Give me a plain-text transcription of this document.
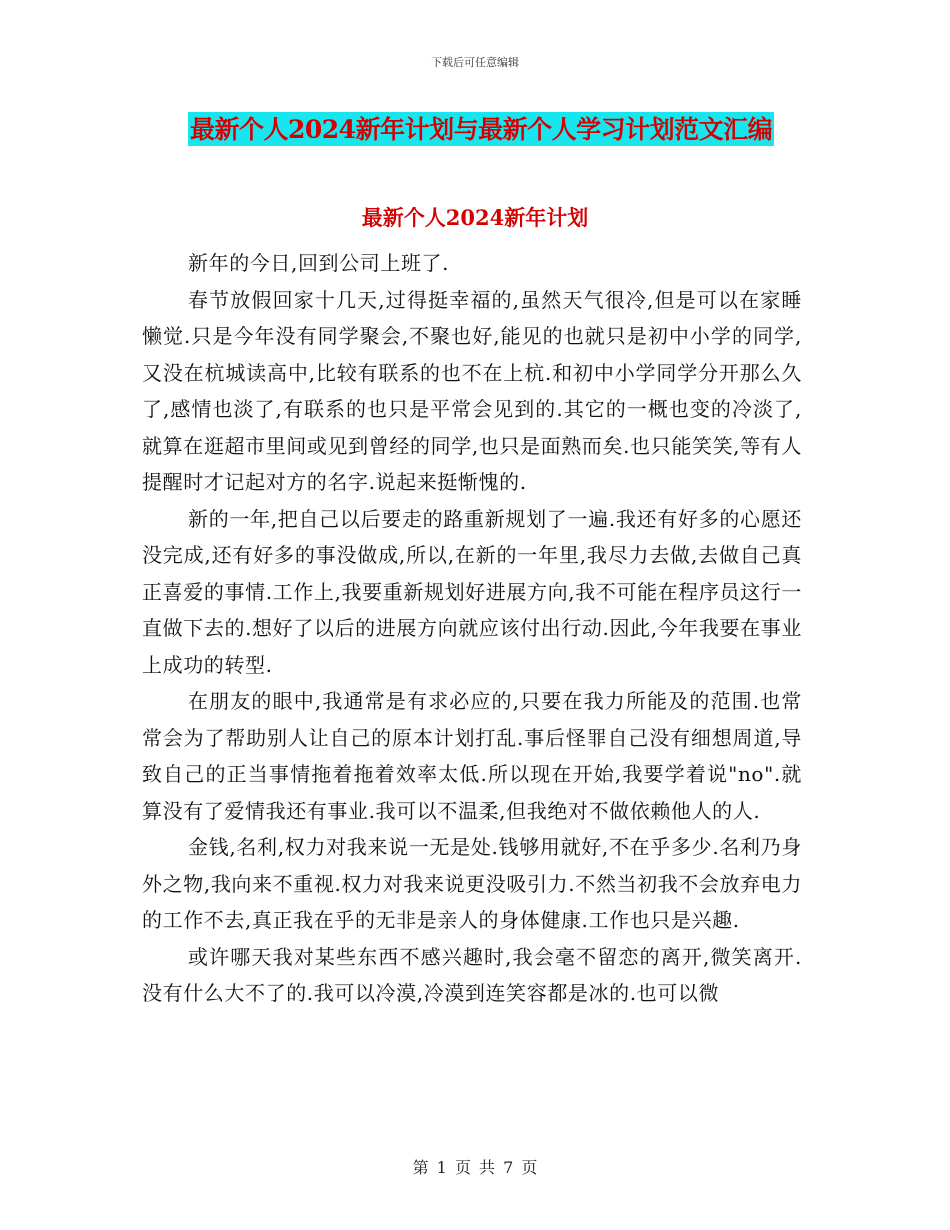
下载后可任意编辑
最新个人2024新年计划与最新个人学习计划范文汇编
最新个人2024新年计划

新年的今日,回到公司上班了.

春节放假回家十几天,过得挺幸福的,虽然天气很冷,但是可以在家睡懒觉.只是今年没有同学聚会,不聚也好,能见的也就只是初中小学的同学,又没在杭城读高中,比较有联系的也不在上杭.和初中小学同学分开那么久了,感情也淡了,有联系的也只是平常会见到的.其它的一概也变的冷淡了,就算在逛超市里间或见到曾经的同学,也只是面熟而矣.也只能笑笑,等有人提醒时才记起对方的名字.说起来挺惭愧的.

新的一年,把自己以后要走的路重新规划了一遍.我还有好多的心愿还没完成,还有好多的事没做成,所以,在新的一年里,我尽力去做,去做自己真正喜爱的事情.工作上,我要重新规划好进展方向,我不可能在程序员这行一直做下去的.想好了以后的进展方向就应该付出行动.因此,今年我要在事业上成功的转型.

在朋友的眼中,我通常是有求必应的,只要在我力所能及的范围.也常常会为了帮助别人让自己的原本计划打乱.事后怪罪自己没有细想周道,导致自己的正当事情拖着拖着效率太低.所以现在开始,我要学着说"no".就算没有了爱情我还有事业.我可以不温柔,但我绝对不做依赖他人的人.

金钱,名利,权力对我来说一无是处.钱够用就好,不在乎多少.名利乃身外之物,我向来不重视.权力对我来说更没吸引力.不然当初我不会放弃电力的工作不去,真正我在乎的无非是亲人的身体健康.工作也只是兴趣.

或许哪天我对某些东西不感兴趣时,我会毫不留恋的离开,微笑离开.没有什么大不了的.我可以冷漠,冷漠到连笑容都是冰的.也可以微

第 1 页 共 7 页
